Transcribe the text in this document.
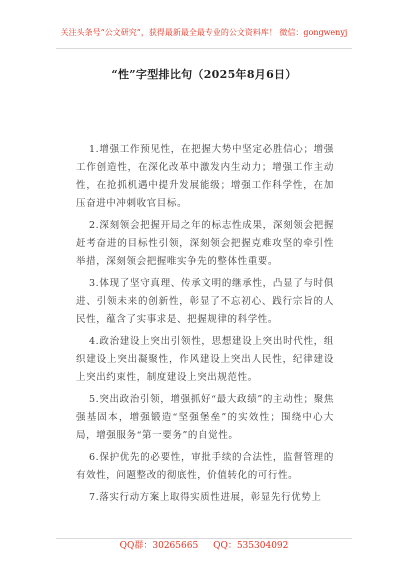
关注头条号“公文研究”，获得最新最全最专业的公文资料库！ 微信：gongwenyj
“性”字型排比句（2025年8月6日）

1.增强工作预见性，在把握大势中坚定必胜信心；增强工作创造性，在深化改革中激发内生动力；增强工作主动性，在抢抓机遇中提升发展能级；增强工作科学性，在加压奋进中冲刺收官目标。

2.深刻领会把握开局之年的标志性成果，深刻领会把握赶考奋进的目标性引领，深刻领会把握克难攻坚的牵引性举措，深刻领会把握唯实争先的整体性重要。

3.体现了坚守真理、传承文明的继承性，凸显了与时俱进、引领未来的创新性，彰显了不忘初心、践行宗旨的人民性，蕴含了实事求是、把握规律的科学性。

4.政治建设上突出引领性，思想建设上突出时代性，组织建设上突出凝聚性，作风建设上突出人民性，纪律建设上突出约束性，制度建设上突出规范性。

5.突出政治引领，增强抓好“最大政绩”的主动性；聚焦强基固本，增强锻造“坚强堡垒”的实效性；围绕中心大局，增强服务“第一要务”的自觉性。

6.保护优先的必要性，审批手续的合法性，监督管理的有效性，问题整改的彻底性，价值转化的可行性。

7.落实行动方案上取得实质性进展，彰显先行优势上

QQ群：30265665 QQ：535304092
